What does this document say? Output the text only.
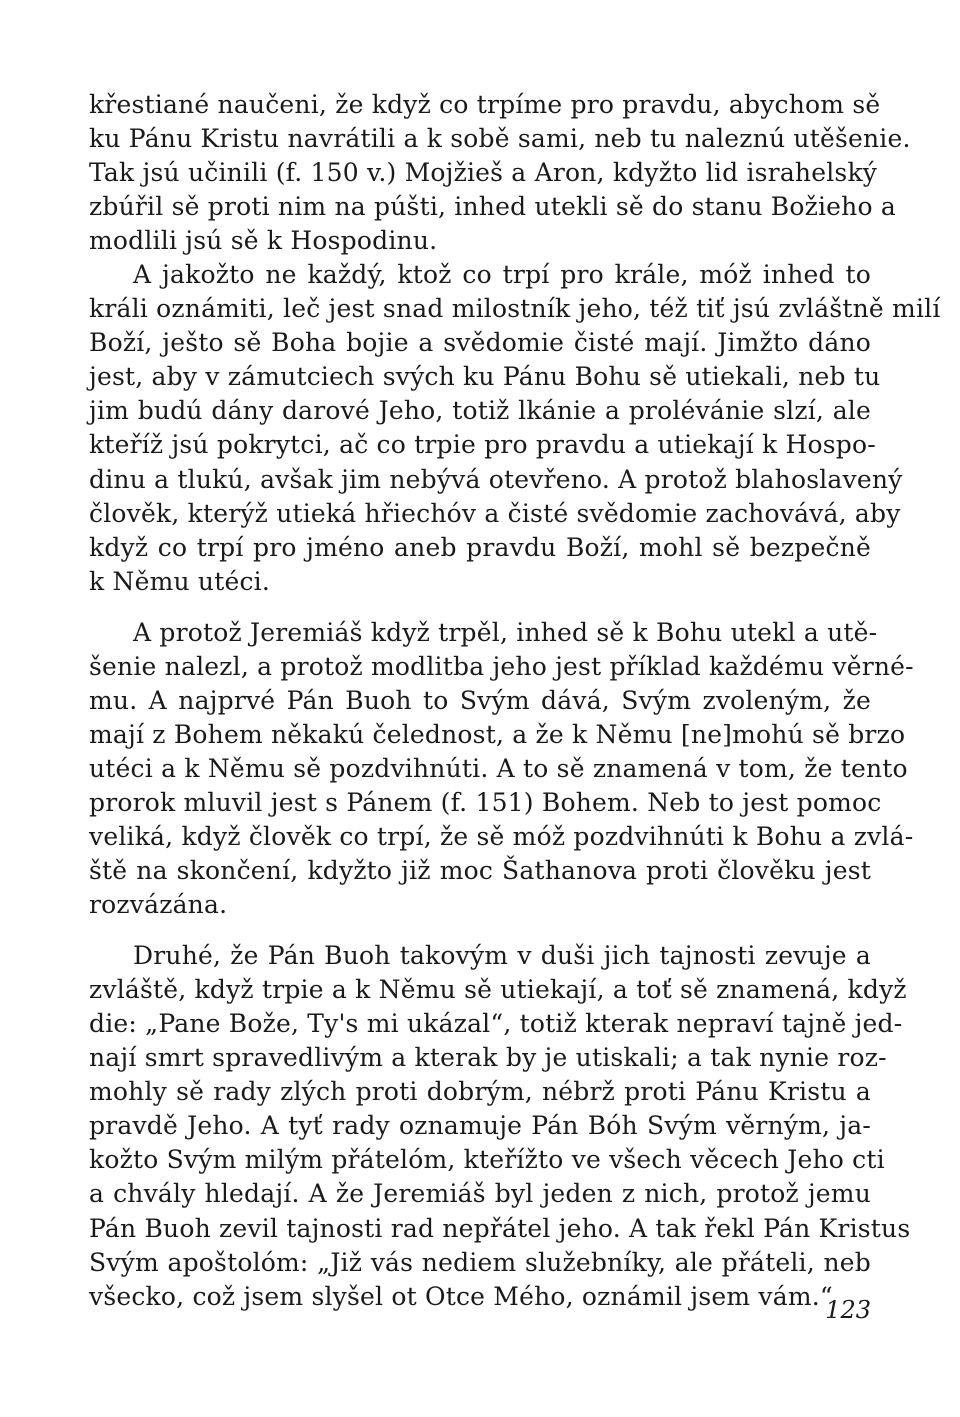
křestiané naučeni, že když co trpíme pro pravdu, abychom sě
ku Pánu Kristu navrátili a k sobě sami, neb tu naleznú utěšenie.
Tak jsú učinili (f. 150 v.) Mojžieš a Aron, kdyžto lid israhelský
zbúřil sě proti nim na púšti, inhed utekli sě do stanu Božieho a
modlili jsú sě k Hospodinu.

A jakožto ne každý, ktož co trpí pro krále, móž inhed to
králi oznámiti, leč jest snad milostník jeho, též tiť jsú zvláštně milí
Boží, ješto sě Boha bojie a svědomie čisté mají. Jimžto dáno
jest, aby v zámutciech svých ku Pánu Bohu sě utiekali, neb tu
jim budú dány darové Jeho, totiž lkánie a prolévánie slzí, ale
kteříž jsú pokrytci, ač co trpie pro pravdu a utiekají k Hospo-
dinu a tlukú, avšak jim nebývá otevřeno. A protož blahoslavený
člověk, kterýž utieká hřiechóv a čisté svědomie zachovává, aby
když co trpí pro jméno aneb pravdu Boží, mohl sě bezpečně
k Němu utéci.

A protož Jeremiáš když trpěl, inhed sě k Bohu utekl a utě-
šenie nalezl, a protož modlitba jeho jest příklad každému věrné-
mu. A najprvé Pán Buoh to Svým dává, Svým zvoleným, že
mají z Bohem někakú čelednost, a že k Němu [ne]mohú sě brzo
utéci a k Němu sě pozdvihnúti. A to sě znamená v tom, že tento
prorok mluvil jest s Pánem (f. 151) Bohem. Neb to jest pomoc
veliká, když člověk co trpí, že sě móž pozdvihnúti k Bohu a zvlá-
ště na skončení, kdyžto již moc Šathanova proti člověku jest
rozvázána.

Druhé, že Pán Buoh takovým v duši jich tajnosti zevuje a
zvláště, když trpie a k Němu sě utiekají, a toť sě znamená, když
die: „Pane Bože, Ty's mi ukázal“, totiž kterak nepraví tajně jed-
nají smrt spravedlivým a kterak by je utiskali; a tak nynie roz-
mohly sě rady zlých proti dobrým, nébrž proti Pánu Kristu a
pravdě Jeho. A tyť rady oznamuje Pán Bóh Svým věrným, ja-
kožto Svým milým přátelóm, kteřížto ve všech věcech Jeho cti
a chvály hledají. A že Jeremiáš byl jeden z nich, protož jemu
Pán Buoh zevil tajnosti rad nepřátel jeho. A tak řekl Pán Kristus
Svým apoštolóm: „Již vás nediem služebníky, ale přáteli, neb
všecko, což jsem slyšel ot Otce Mého, oznámil jsem vám.“

123
